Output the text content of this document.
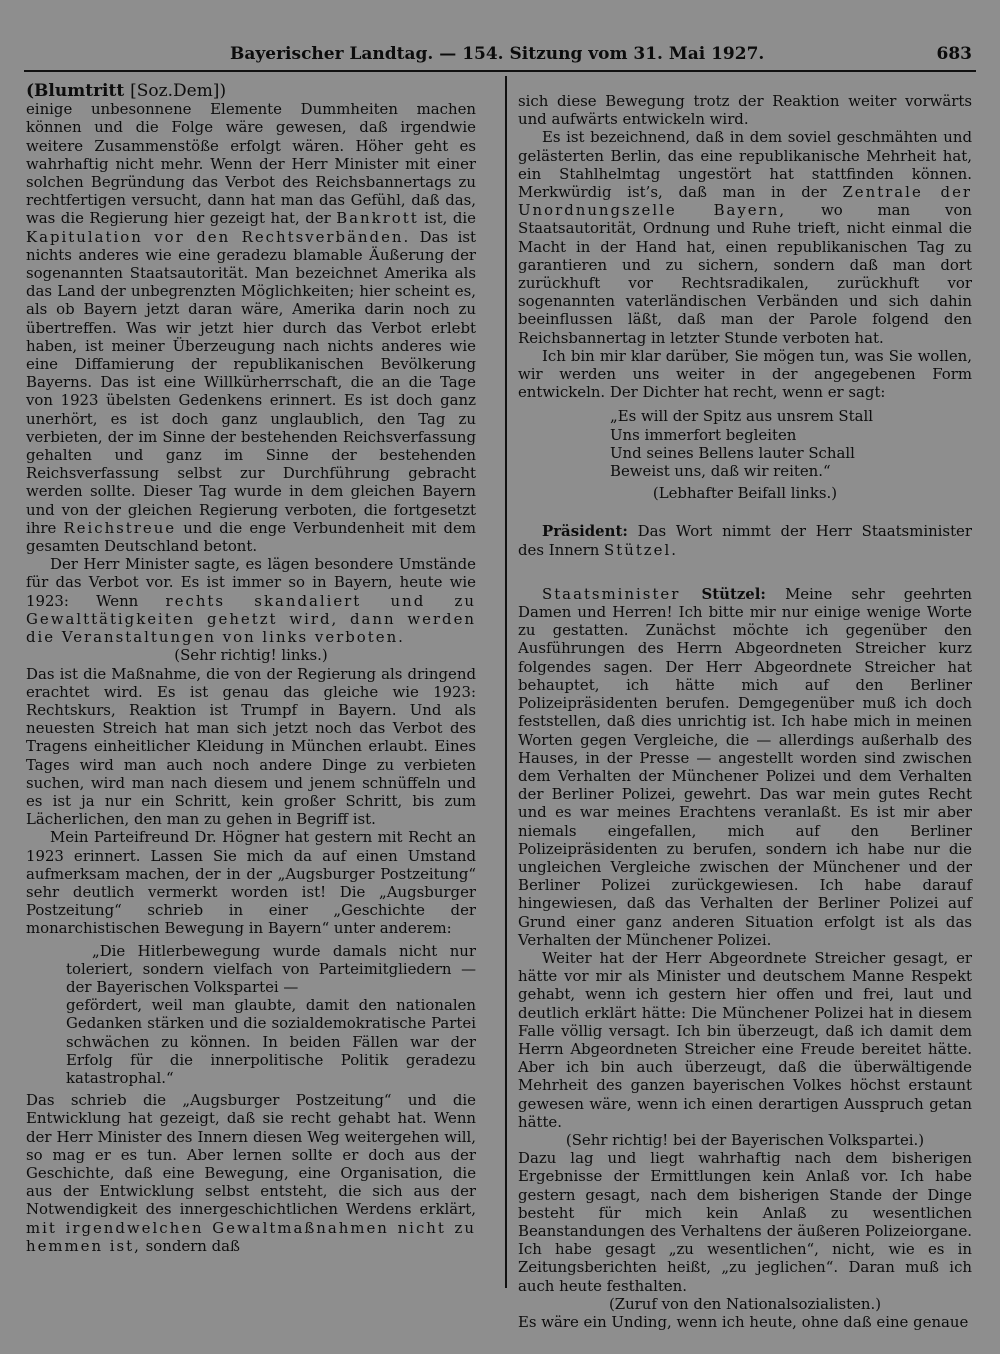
Bayerischer Landtag. — 154. Sitzung vom 31. Mai 1927.	683

(Blumtritt [Soz.Dem])

einige unbesonnene Elemente Dummheiten machen können und die Folge wäre gewesen, daß irgendwie weitere Zusammenstöße erfolgt wären. Höher geht es wahrhaftig nicht mehr. Wenn der Herr Minister mit einer solchen Begründung das Verbot des Reichsbannertags zu rechtfertigen versucht, dann hat man das Gefühl, daß das, was die Regierung hier gezeigt hat, der Bankrott ist, die Kapitulation vor den Rechtsverbänden. Das ist nichts anderes wie eine geradezu blamable Äußerung der sogenannten Staatsautorität. Man bezeichnet Amerika als das Land der unbegrenzten Möglichkeiten; hier scheint es, als ob Bayern jetzt daran wäre, Amerika darin noch zu übertreffen. Was wir jetzt hier durch das Verbot erlebt haben, ist meiner Überzeugung nach nichts anderes wie eine Diffamierung der republikanischen Bevölkerung Bayerns. Das ist eine Willkürherrschaft, die an die Tage von 1923 übelsten Gedenkens erinnert. Es ist doch ganz unerhört, es ist doch ganz unglaublich, den Tag zu verbieten, der im Sinne der bestehenden Reichsverfassung gehalten und ganz im Sinne der bestehenden Reichsverfassung selbst zur Durchführung gebracht werden sollte. Dieser Tag wurde in dem gleichen Bayern und von der gleichen Regierung verboten, die fortgesetzt ihre Reichstreue und die enge Verbundenheit mit dem gesamten Deutschland betont.

Der Herr Minister sagte, es lägen besondere Umstände für das Verbot vor. Es ist immer so in Bayern, heute wie 1923: Wenn rechts skandaliert und zu Gewalttätigkeiten gehetzt wird, dann werden die Veranstaltungen von links verboten.

(Sehr richtig! links.)

Das ist die Maßnahme, die von der Regierung als dringend erachtet wird. Es ist genau das gleiche wie 1923: Rechtskurs, Reaktion ist Trumpf in Bayern. Und als neuesten Streich hat man sich jetzt noch das Verbot des Tragens einheitlicher Kleidung in München erlaubt. Eines Tages wird man auch noch andere Dinge zu verbieten suchen, wird man nach diesem und jenem schnüffeln und es ist ja nur ein Schritt, kein großer Schritt, bis zum Lächerlichen, den man zu gehen in Begriff ist.

Mein Parteifreund Dr. Högner hat gestern mit Recht an 1923 erinnert. Lassen Sie mich da auf einen Umstand aufmerksam machen, der in der „Augsburger Postzeitung“ sehr deutlich vermerkt worden ist! Die „Augsburger Postzeitung“ schrieb in einer „Geschichte der monarchistischen Bewegung in Bayern“ unter anderem:

„Die Hitlerbewegung wurde damals nicht nur toleriert, sondern vielfach von Parteimitgliedern — der Bayerischen Volkspartei —

gefördert, weil man glaubte, damit den nationalen Gedanken stärken und die sozialdemokratische Partei schwächen zu können. In beiden Fällen war der Erfolg für die innerpolitische Politik geradezu katastrophal.“

Das schrieb die „Augsburger Postzeitung“ und die Entwicklung hat gezeigt, daß sie recht gehabt hat. Wenn der Herr Minister des Innern diesen Weg weitergehen will, so mag er es tun. Aber lernen sollte er doch aus der Geschichte, daß eine Bewegung, eine Organisation, die aus der Entwicklung selbst entsteht, die sich aus der Notwendigkeit des innergeschichtlichen Werdens erklärt, mit irgendwelchen Gewaltmaßnahmen nicht zu hemmen ist, sondern daß

sich diese Bewegung trotz der Reaktion weiter vorwärts und aufwärts entwickeln wird.

Es ist bezeichnend, daß in dem soviel geschmähten und gelästerten Berlin, das eine republikanische Mehrheit hat, ein Stahlhelmtag ungestört hat stattfinden können. Merkwürdig ist’s, daß man in der Zentrale der Unordnungszelle Bayern, wo man von Staatsautorität, Ordnung und Ruhe trieft, nicht einmal die Macht in der Hand hat, einen republikanischen Tag zu garantieren und zu sichern, sondern daß man dort zurückhuft vor Rechtsradikalen, zurückhuft vor sogenannten vaterländischen Verbänden und sich dahin beeinflussen läßt, daß man der Parole folgend den Reichsbannertag in letzter Stunde verboten hat.

Ich bin mir klar darüber, Sie mögen tun, was Sie wollen, wir werden uns weiter in der angegebenen Form entwickeln. Der Dichter hat recht, wenn er sagt:

„Es will der Spitz aus unsrem Stall
Uns immerfort begleiten
Und seines Bellens lauter Schall
Beweist uns, daß wir reiten.“

(Lebhafter Beifall links.)

Präsident: Das Wort nimmt der Herr Staatsminister des Innern Stützel.

Staatsminister Stützel: Meine sehr geehrten Damen und Herren! Ich bitte mir nur einige wenige Worte zu gestatten. Zunächst möchte ich gegenüber den Ausführungen des Herrn Abgeordneten Streicher kurz folgendes sagen. Der Herr Abgeordnete Streicher hat behauptet, ich hätte mich auf den Berliner Polizeipräsidenten berufen. Demgegenüber muß ich doch feststellen, daß dies unrichtig ist. Ich habe mich in meinen Worten gegen Vergleiche, die — allerdings außerhalb des Hauses, in der Presse — angestellt worden sind zwischen dem Verhalten der Münchener Polizei und dem Verhalten der Berliner Polizei, gewehrt. Das war mein gutes Recht und es war meines Erachtens veranlaßt. Es ist mir aber niemals eingefallen, mich auf den Berliner Polizeipräsidenten zu berufen, sondern ich habe nur die ungleichen Vergleiche zwischen der Münchener und der Berliner Polizei zurückgewiesen. Ich habe darauf hingewiesen, daß das Verhalten der Berliner Polizei auf Grund einer ganz anderen Situation erfolgt ist als das Verhalten der Münchener Polizei.

Weiter hat der Herr Abgeordnete Streicher gesagt, er hätte vor mir als Minister und deutschem Manne Respekt gehabt, wenn ich gestern hier offen und frei, laut und deutlich erklärt hätte: Die Münchener Polizei hat in diesem Falle völlig versagt. Ich bin überzeugt, daß ich damit dem Herrn Abgeordneten Streicher eine Freude bereitet hätte. Aber ich bin auch überzeugt, daß die überwältigende Mehrheit des ganzen bayerischen Volkes höchst erstaunt gewesen wäre, wenn ich einen derartigen Ausspruch getan hätte.

(Sehr richtig! bei der Bayerischen Volkspartei.)

Dazu lag und liegt wahrhaftig nach dem bisherigen Ergebnisse der Ermittlungen kein Anlaß vor. Ich habe gestern gesagt, nach dem bisherigen Stande der Dinge besteht für mich kein Anlaß zu wesentlichen Beanstandungen des Verhaltens der äußeren Polizeiorgane. Ich habe gesagt „zu wesentlichen“, nicht, wie es in Zeitungsberichten heißt, „zu jeglichen“. Daran muß ich auch heute festhalten.

(Zuruf von den Nationalsozialisten.)

Es wäre ein Unding, wenn ich heute, ohne daß eine genaue
